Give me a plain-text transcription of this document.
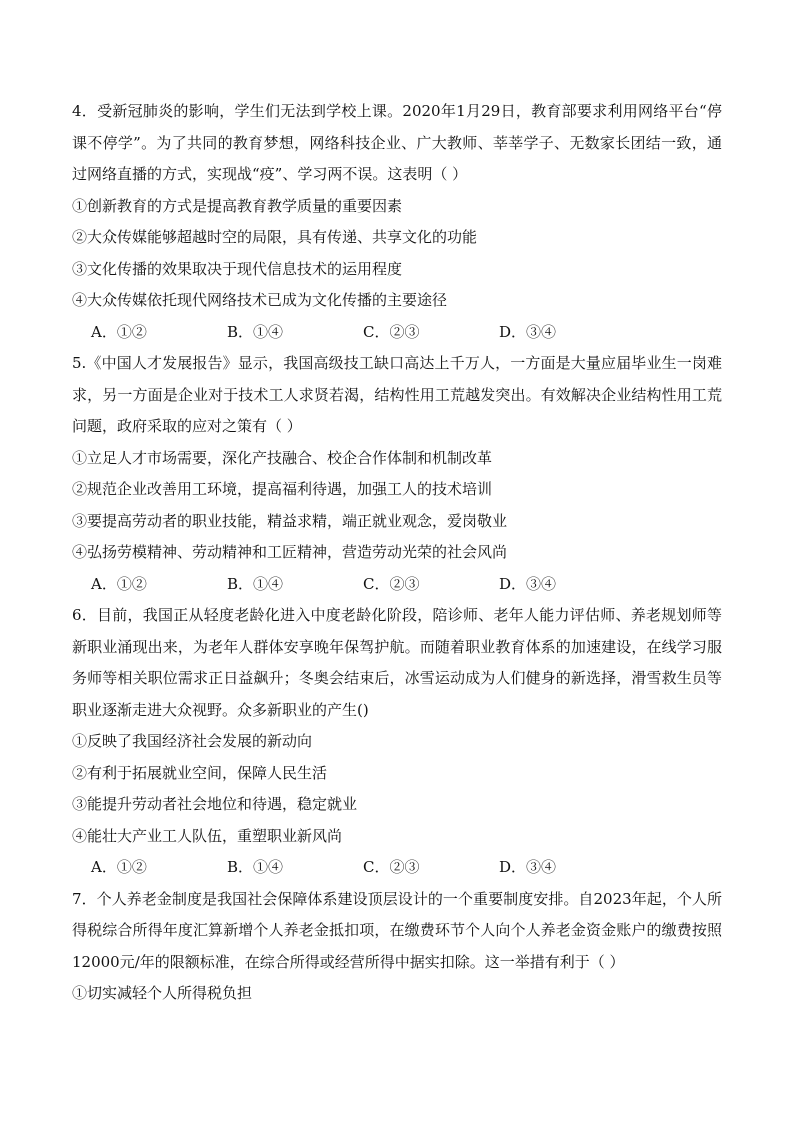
4．受新冠肺炎的影响，学生们无法到学校上课。2020年1月29日，教育部要求利用网络平台“停课不停学”。为了共同的教育梦想，网络科技企业、广大教师、莘莘学子、无数家长团结一致，通过网络直播的方式，实现战“疫”、学习两不误。这表明（ ）

①创新教育的方式是提高教育教学质量的重要因素

②大众传媒能够超越时空的局限，具有传递、共享文化的功能

③文化传播的效果取决于现代信息技术的运用程度

④大众传媒依托现代网络技术已成为文化传播的主要途径

A．①②	B．①④	C．②③	D．③④

5.《中国人才发展报告》显示，我国高级技工缺口高达上千万人，一方面是大量应届毕业生一岗难求，另一方面是企业对于技术工人求贤若渴，结构性用工荒越发突出。有效解决企业结构性用工荒问题，政府采取的应对之策有（ ）

①立足人才市场需要，深化产技融合、校企合作体制和机制改革

②规范企业改善用工环境，提高福利待遇，加强工人的技术培训

③要提高劳动者的职业技能，精益求精，端正就业观念，爱岗敬业

④弘扬劳模精神、劳动精神和工匠精神，营造劳动光荣的社会风尚

A．①②	B．①④	C．②③	D．③④

6．目前，我国正从轻度老龄化进入中度老龄化阶段，陪诊师、老年人能力评估师、养老规划师等新职业涌现出来，为老年人群体安享晚年保驾护航。而随着职业教育体系的加速建设，在线学习服务师等相关职位需求正日益飙升；冬奥会结束后，冰雪运动成为人们健身的新选择，滑雪救生员等职业逐渐走进大众视野。众多新职业的产生()

①反映了我国经济社会发展的新动向

②有利于拓展就业空间，保障人民生活

③能提升劳动者社会地位和待遇，稳定就业

④能壮大产业工人队伍，重塑职业新风尚

A．①②	B．①④	C．②③	D．③④

7．个人养老金制度是我国社会保障体系建设顶层设计的一个重要制度安排。自2023年起，个人所得税综合所得年度汇算新增个人养老金抵扣项，在缴费环节个人向个人养老金资金账户的缴费按照12000元/年的限额标准，在综合所得或经营所得中据实扣除。这一举措有利于（ ）

①切实减轻个人所得税负担
